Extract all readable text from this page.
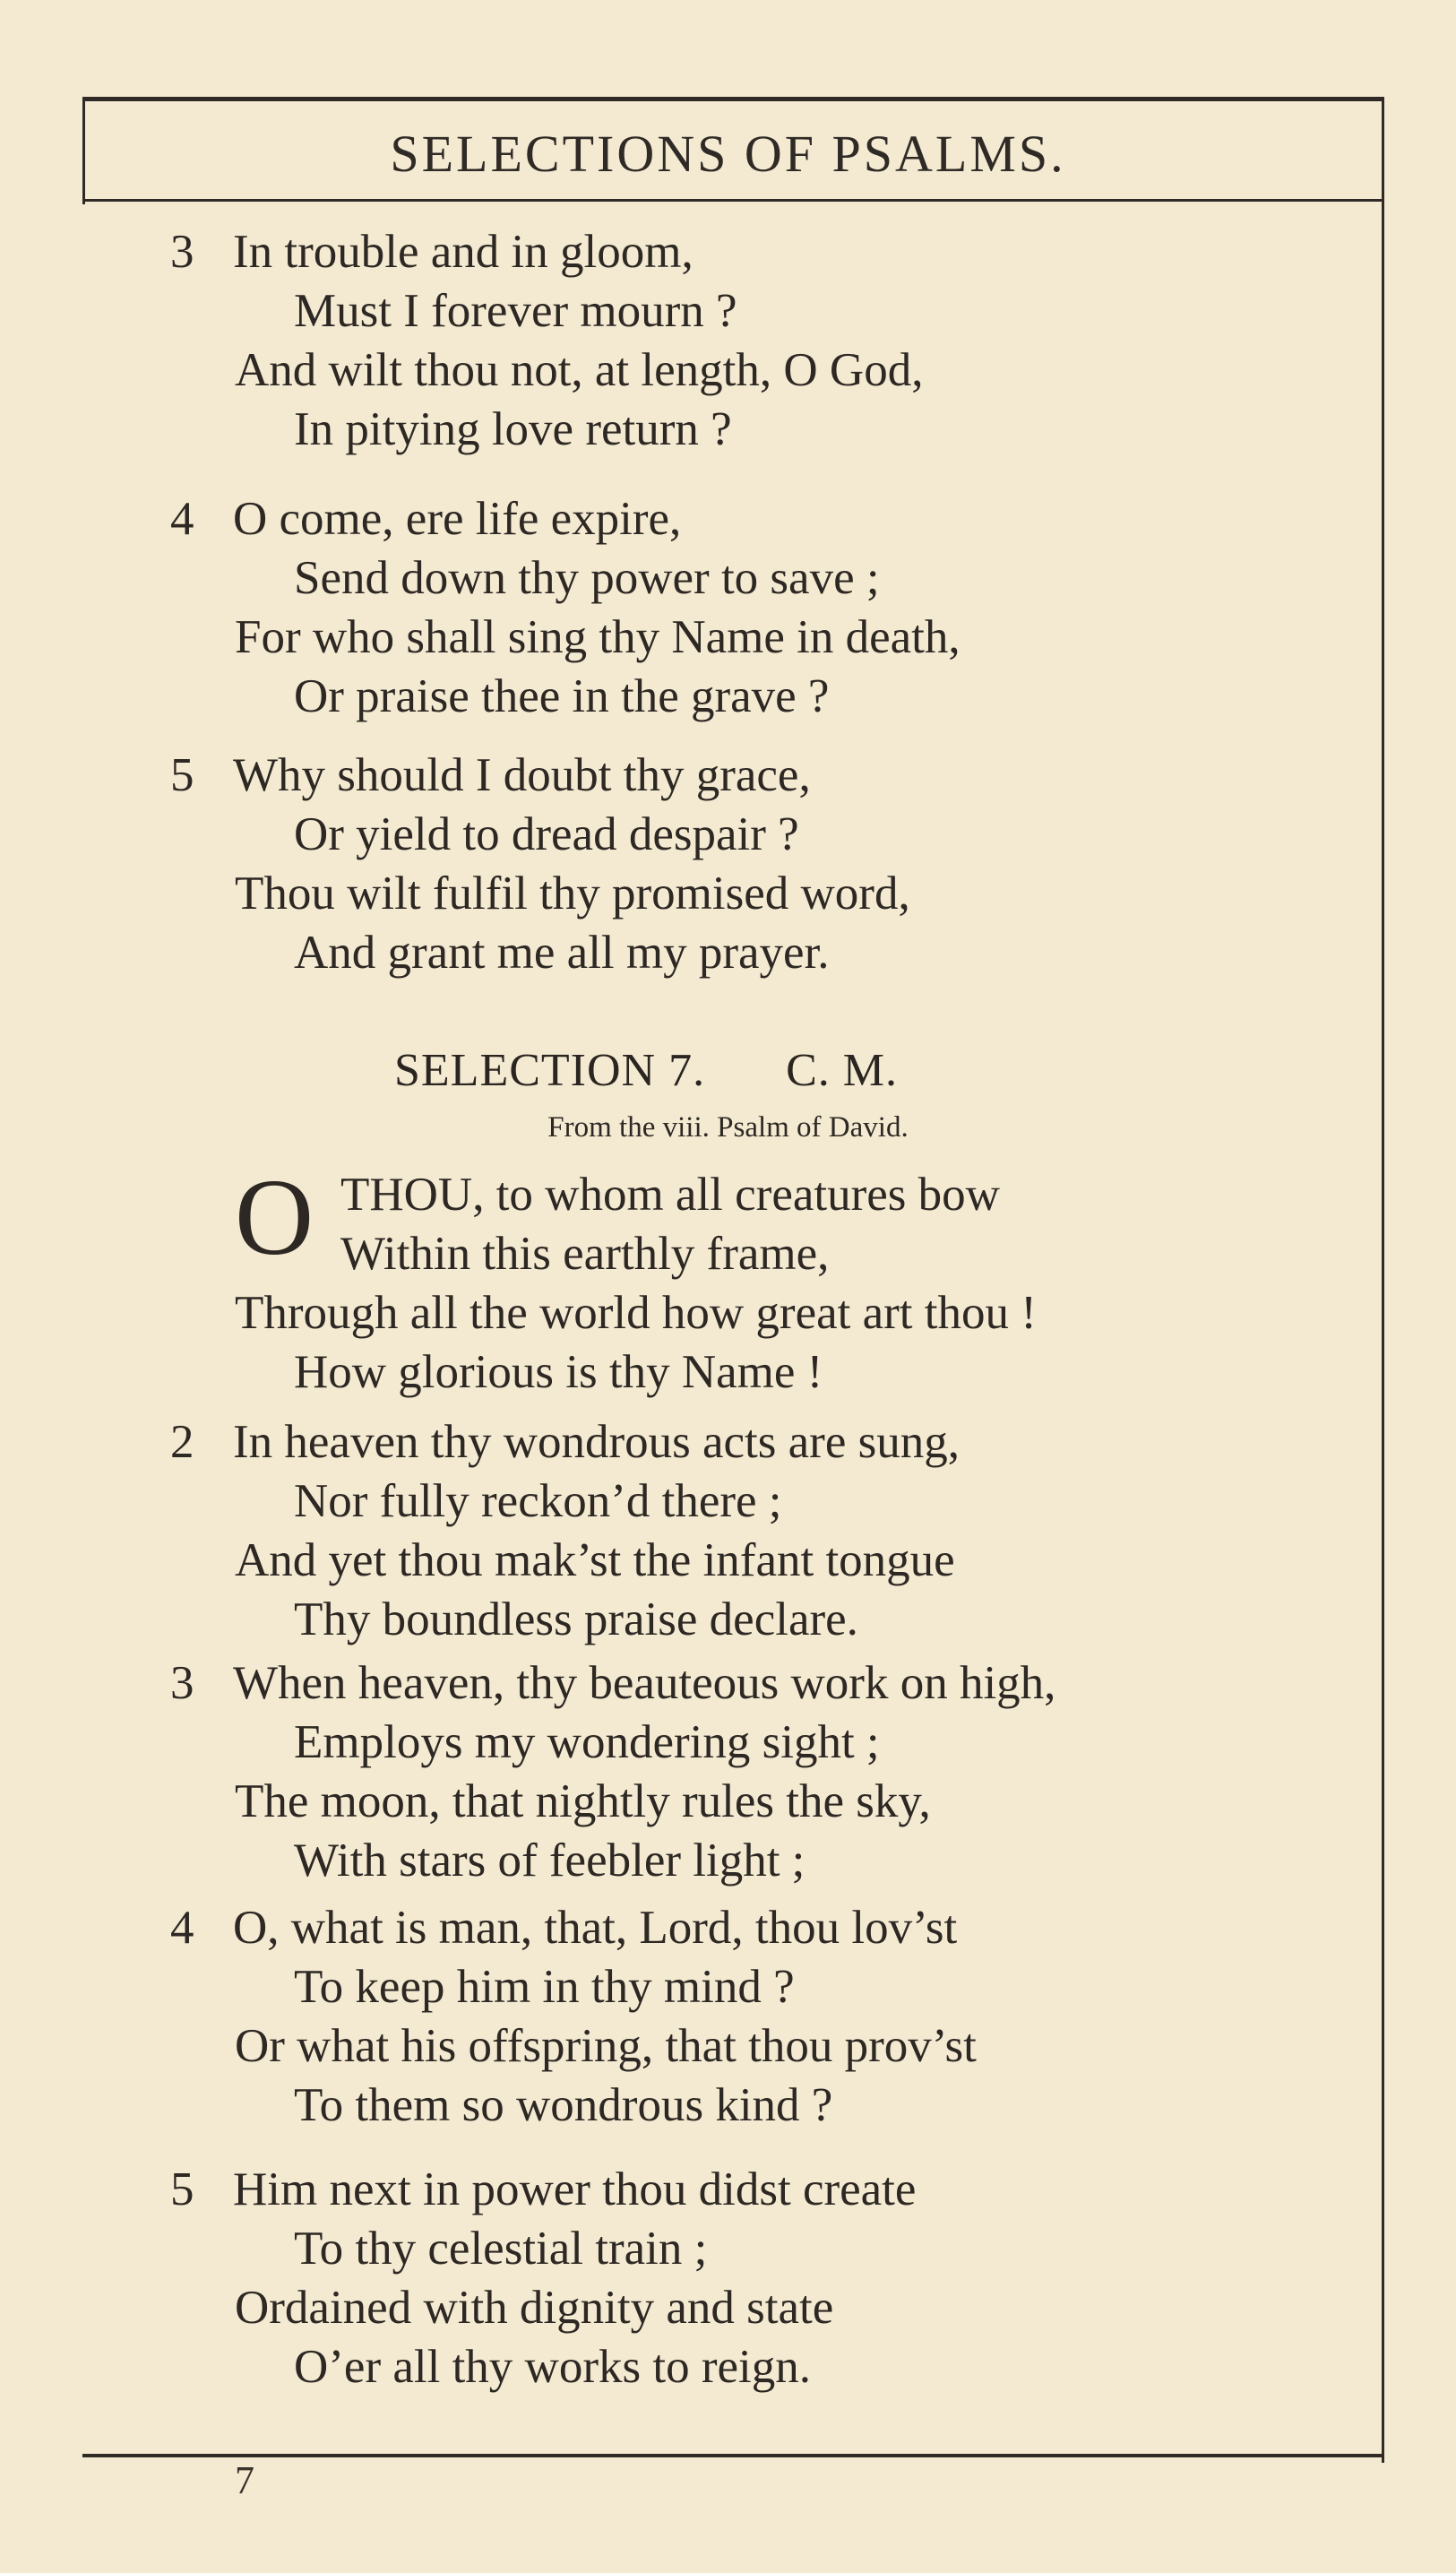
SELECTIONS OF PSALMS.
3 In trouble and in gloom,
Must I forever mourn ?
And wilt thou not, at length, O God,
In pitying love return ?
4 O come, ere life expire,
Send down thy power to save ;
For who shall sing thy Name in death,
Or praise thee in the grave ?
5 Why should I doubt thy grace,
Or yield to dread despair ?
Thou wilt fulfil thy promised word,
And grant me all my prayer.
SELECTION 7. C. M.
From the viii. Psalm of David.
O THOU, to whom all creatures bow
Within this earthly frame,
Through all the world how great art thou !
How glorious is thy Name !
2 In heaven thy wondrous acts are sung,
Nor fully reckon’d there ;
And yet thou mak’st the infant tongue
Thy boundless praise declare.
3 When heaven, thy beauteous work on high,
Employs my wondering sight ;
The moon, that nightly rules the sky,
With stars of feebler light ;
4 O, what is man, that, Lord, thou lov’st
To keep him in thy mind ?
Or what his offspring, that thou prov’st
To them so wondrous kind ?
5 Him next in power thou didst create
To thy celestial train ;
Ordained with dignity and state
O’er all thy works to reign.
7
